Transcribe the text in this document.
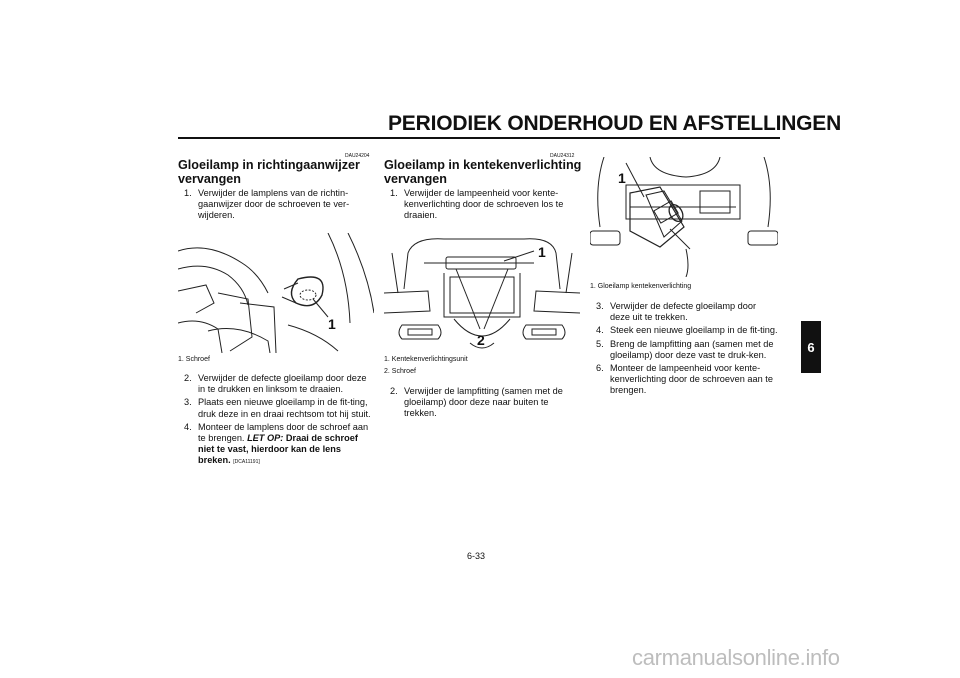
PERIODIEK ONDERHOUD EN AFSTELLINGEN
6
DAU24204
Gloeilamp in richtingaanwijzer
vervangen
1. Verwijder de lamplens van de richtin-gaanwijzer door de schroeven te ver-wijderen.
1
1. Schroef
2. Verwijder de defecte gloeilamp door deze in te drukken en linksom te draaien.
3. Plaats een nieuwe gloeilamp in de fit-ting, druk deze in en draai rechtsom tot hij stuit.
4. Monteer de lamplens door de schroef aan te brengen. LET OP: Draai de schroef niet te vast, hierdoor kan de lens breken. [DCA11191]
DAU24312
Gloeilamp in kentekenverlichting
vervangen
1. Verwijder de lampeenheid voor kente-kenverlichting door de schroeven los te draaien.
1
2
1. Kentekenverlichtingsunit
2. Schroef
2. Verwijder de lampfitting (samen met de gloeilamp) door deze naar buiten te trekken.
1
1. Gloeilamp kentekenverlichting
3. Verwijder de defecte gloeilamp door deze uit te trekken.
4. Steek een nieuwe gloeilamp in de fit-ting.
5. Breng de lampfitting aan (samen met de gloeilamp) door deze vast te druk-ken.
6. Monteer de lampeenheid voor kente-kenverlichting door de schroeven aan te brengen.
6-33
carmanualsonline.info
